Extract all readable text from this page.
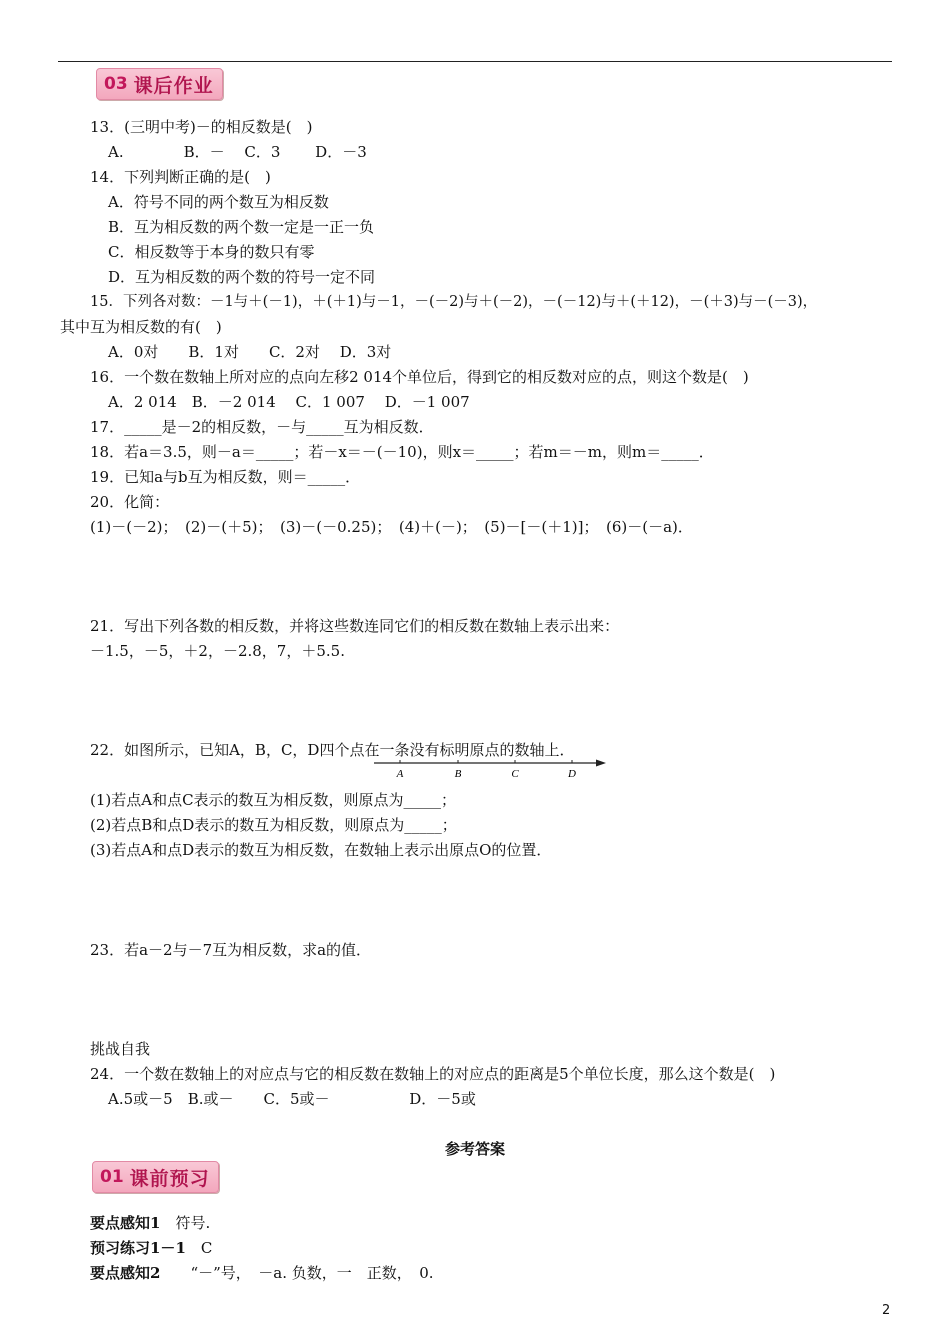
03 课后作业
13．(三明中考)－的相反数是(　)
A.　　　　B．－　 C．3　　 D．－3
14．下列判断正确的是(　)
A．符号不同的两个数互为相反数
B．互为相反数的两个数一定是一正一负
C．相反数等于本身的数只有零
D．互为相反数的两个数的符号一定不同
15．下列各对数：－1与＋(－1)，＋(＋1)与－1，－(－2)与＋(－2)，－(－12)与＋(＋12)，－(＋3)与－(－3)，
其中互为相反数的有(　)
A．0对　　B．1对　　C．2对　 D．3对
16．一个数在数轴上所对应的点向左移2 014个单位后，得到它的相反数对应的点，则这个数是(　)
A．2 014　B．－2 014　 C．1 007　 D．－1 007
17．_____是－2的相反数，－与_____互为相反数．
18．若a＝3.5，则－a＝_____；若－x＝－(－10)，则x＝_____；若m＝－m，则m＝_____．
19．已知a与b互为相反数，则＝_____．
20．化简：
(1)－(－2)；　(2)－(＋5)；　(3)－(－0.25)；　(4)＋(－)；　(5)－[－(＋1)]；　(6)－(－a)．
21．写出下列各数的相反数，并将这些数连同它们的相反数在数轴上表示出来：
－1.5，－5，＋2，－2.8，7，＋5.5.
22．如图所示，已知A，B，C，D四个点在一条没有标明原点的数轴上．
A	B	C	D
(1)若点A和点C表示的数互为相反数，则原点为_____；
(2)若点B和点D表示的数互为相反数，则原点为_____；
(3)若点A和点D表示的数互为相反数，在数轴上表示出原点O的位置．
23．若a－2与－7互为相反数，求a的值．
挑战自我
24．一个数在数轴上的对应点与它的相反数在数轴上的对应点的距离是5个单位长度，那么这个数是(　)
A.5或－5　B.或－　　C．5或－　　　　　 D．－5或
参考答案
01 课前预习
要点感知1　符号.
预习练习1－1　C
要点感知2　　“－”号，　－a. 负数，一　正数，　0.
2
